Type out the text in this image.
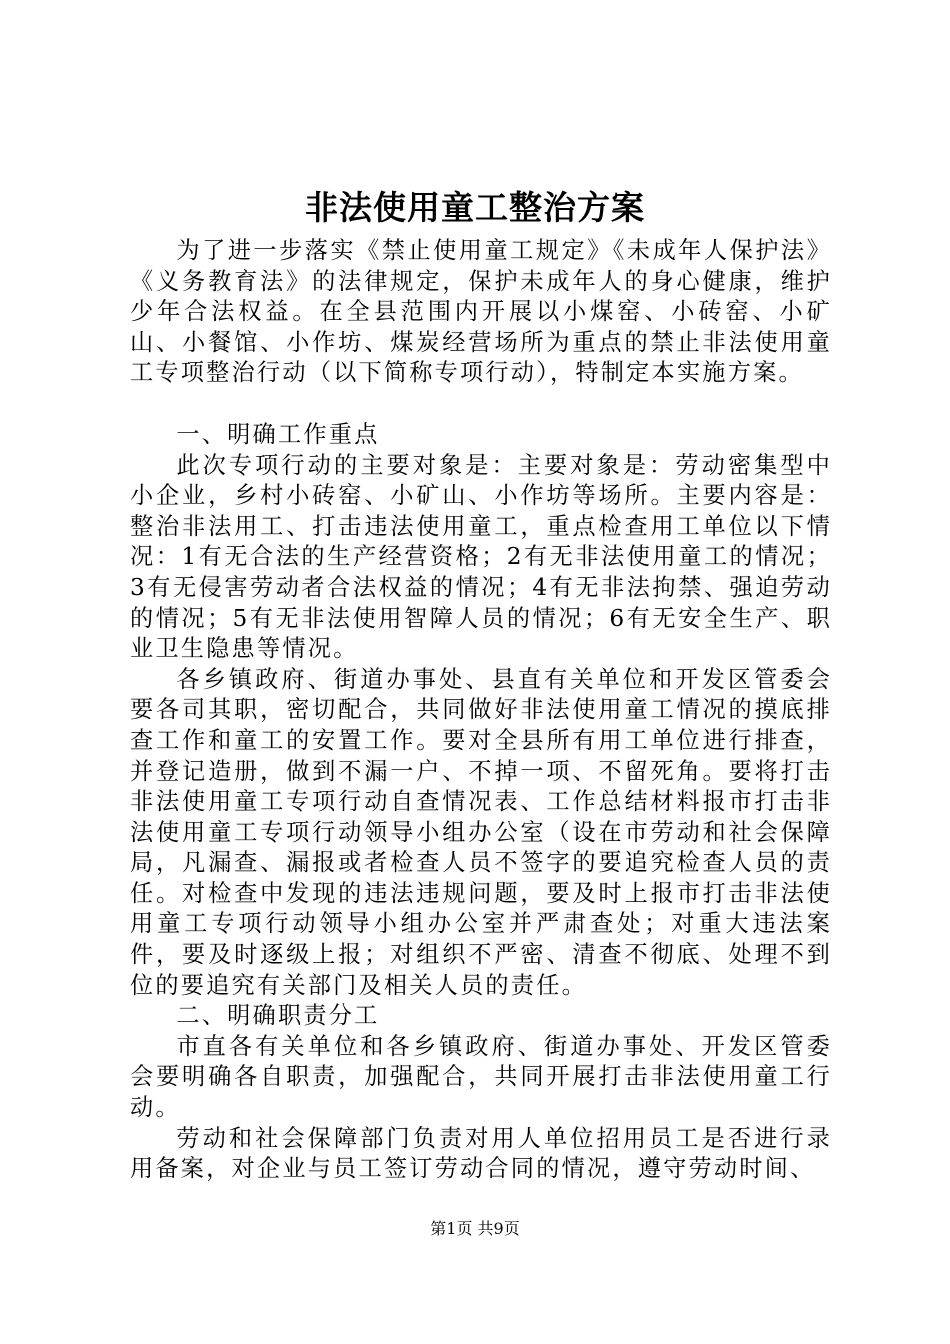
非法使用童工整治方案

为了进一步落实《禁止使用童工规定》《未成年人保护法》《义务教育法》的法律规定，保护未成年人的身心健康，维护少年合法权益。在全县范围内开展以小煤窑、小砖窑、小矿山、小餐馆、小作坊、煤炭经营场所为重点的禁止非法使用童工专项整治行动（以下简称专项行动），特制定本实施方案。

一、明确工作重点

此次专项行动的主要对象是：主要对象是：劳动密集型中小企业，乡村小砖窑、小矿山、小作坊等场所。主要内容是：整治非法用工、打击违法使用童工，重点检查用工单位以下情况：1有无合法的生产经营资格；2有无非法使用童工的情况；3有无侵害劳动者合法权益的情况；4有无非法拘禁、强迫劳动的情况；5有无非法使用智障人员的情况；6有无安全生产、职业卫生隐患等情况。

各乡镇政府、街道办事处、县直有关单位和开发区管委会要各司其职，密切配合，共同做好非法使用童工情况的摸底排查工作和童工的安置工作。要对全县所有用工单位进行排查，并登记造册，做到不漏一户、不掉一项、不留死角。要将打击非法使用童工专项行动自查情况表、工作总结材料报市打击非法使用童工专项行动领导小组办公室（设在市劳动和社会保障局，凡漏查、漏报或者检查人员不签字的要追究检查人员的责任。对检查中发现的违法违规问题，要及时上报市打击非法使用童工专项行动领导小组办公室并严肃查处；对重大违法案件，要及时逐级上报；对组织不严密、清查不彻底、处理不到位的要追究有关部门及相关人员的责任。

二、明确职责分工

市直各有关单位和各乡镇政府、街道办事处、开发区管委会要明确各自职责，加强配合，共同开展打击非法使用童工行动。

劳动和社会保障部门负责对用人单位招用员工是否进行录用备案，对企业与员工签订劳动合同的情况，遵守劳动时间、

第1页 共9页
